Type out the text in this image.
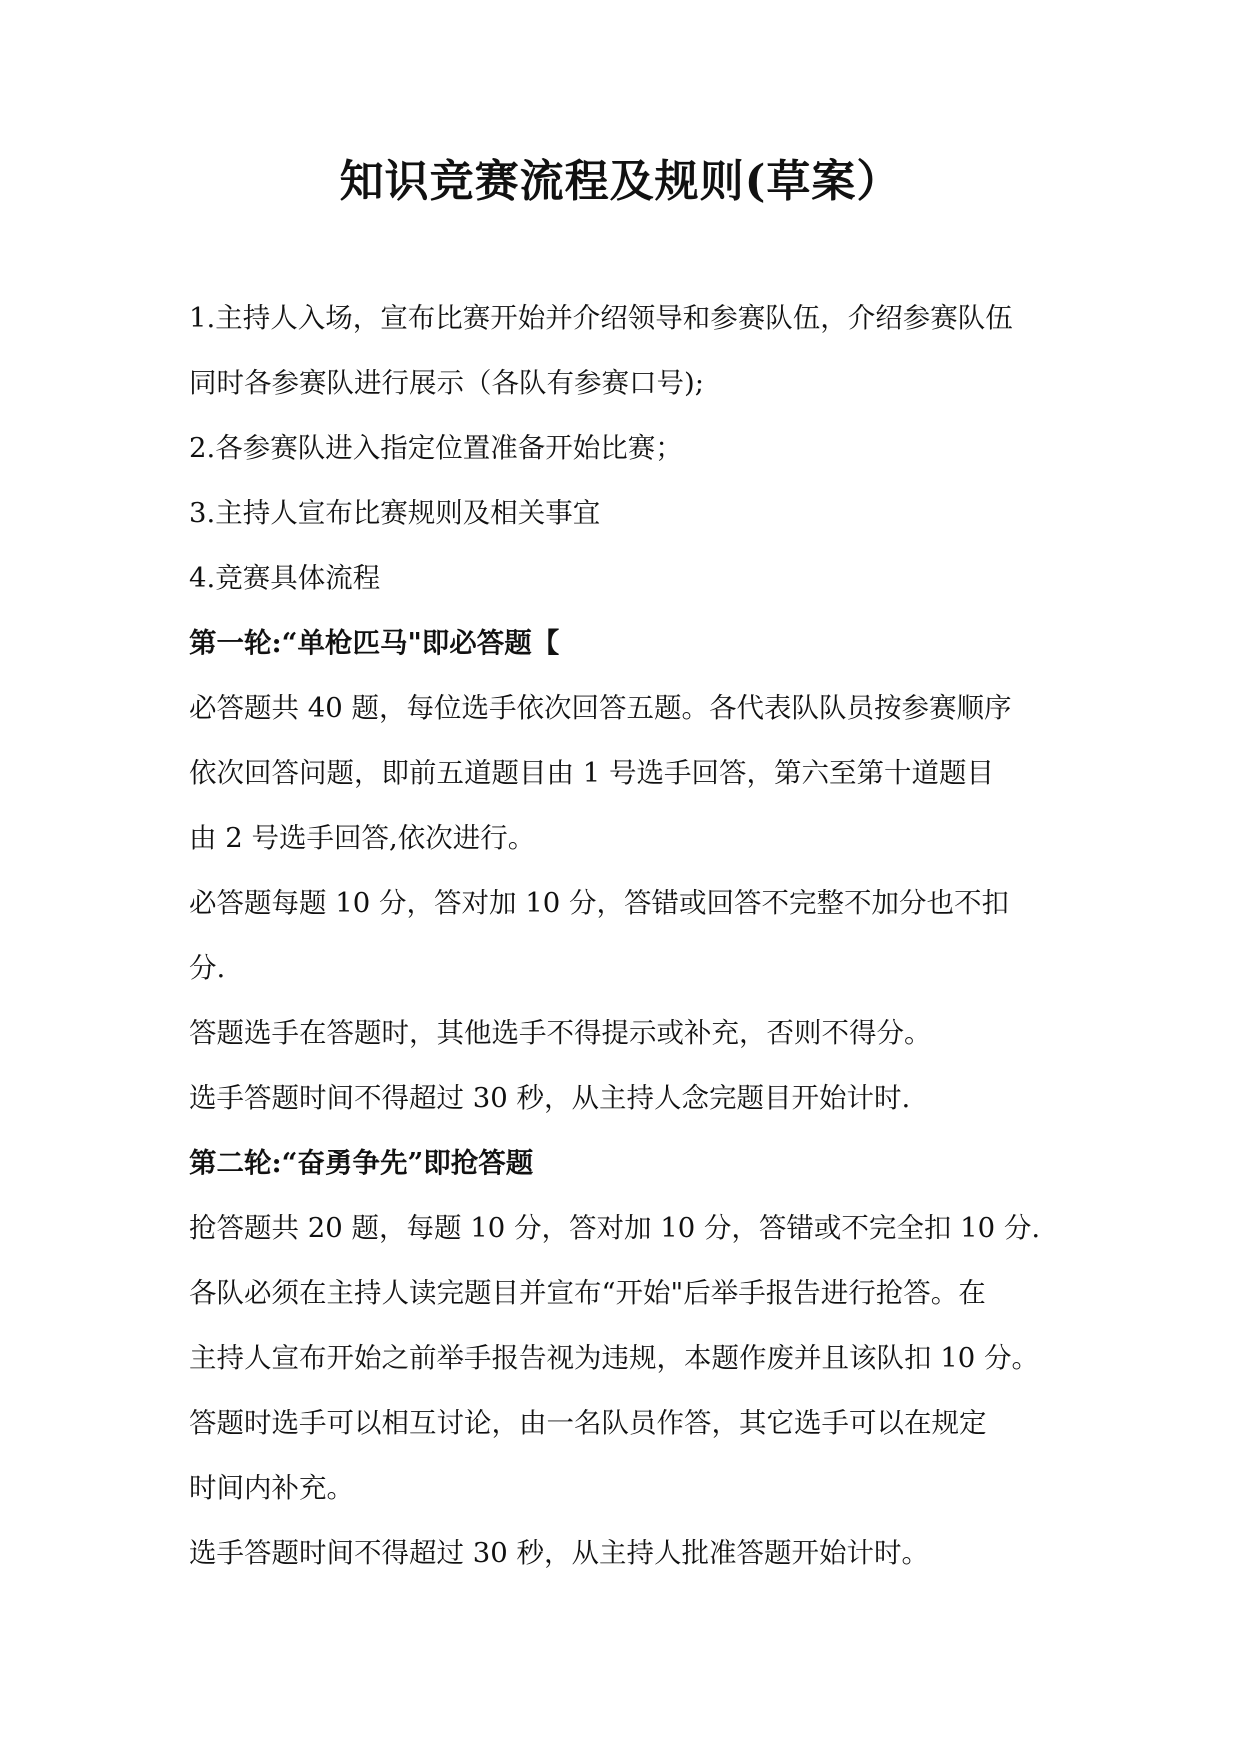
知识竞赛流程及规则(草案）
1.主持人入场，宣布比赛开始并介绍领导和参赛队伍，介绍参赛队伍
同时各参赛队进行展示（各队有参赛口号);
2.各参赛队进入指定位置准备开始比赛；
3.主持人宣布比赛规则及相关事宜
4.竞赛具体流程
第一轮:“单枪匹马"即必答题【
必答题共 40 题，每位选手依次回答五题。各代表队队员按参赛顺序
依次回答问题，即前五道题目由 1 号选手回答，第六至第十道题目
由 2 号选手回答,依次进行。
必答题每题 10 分，答对加 10 分，答错或回答不完整不加分也不扣
分.
答题选手在答题时，其他选手不得提示或补充，否则不得分。
选手答题时间不得超过 30 秒，从主持人念完题目开始计时.
第二轮:“奋勇争先”即抢答题
抢答题共 20 题，每题 10 分，答对加 10 分，答错或不完全扣 10 分.
各队必须在主持人读完题目并宣布“开始"后举手报告进行抢答。在
主持人宣布开始之前举手报告视为违规，本题作废并且该队扣 10 分。
答题时选手可以相互讨论，由一名队员作答，其它选手可以在规定
时间内补充。
选手答题时间不得超过 30 秒，从主持人批准答题开始计时。
